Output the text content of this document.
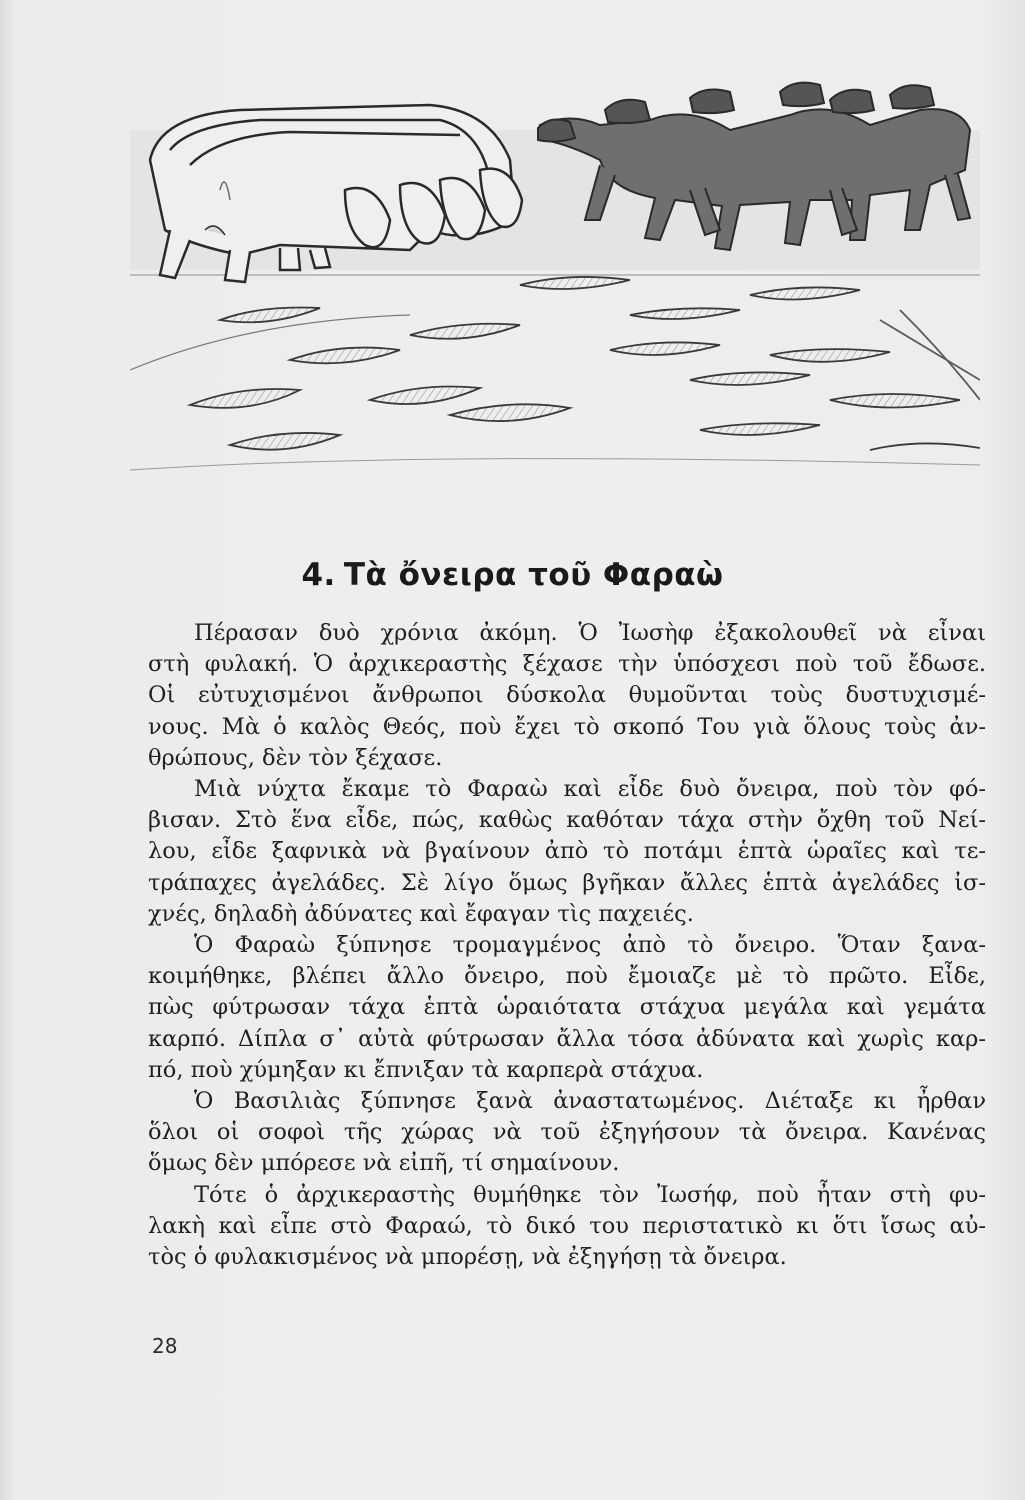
4. Τὰ ὄνειρα τοῦ Φαραὼ
Πέρασαν δυὸ χρόνια ἀκόμη. Ὁ Ἰωσὴφ ἐξακολουθεῖ νὰ εἶναι
στὴ φυλακή. Ὁ ἀρχικεραστὴς ξέχασε τὴν ὑπόσχεσι ποὺ τοῦ ἔδωσε.
Οἱ εὐτυχισμένοι ἄνθρωποι δύσκολα θυμοῦνται τοὺς δυστυχισμέ-
νους. Μὰ ὁ καλὸς Θεός, ποὺ ἔχει τὸ σκοπό Του γιὰ ὅλους τοὺς ἀν-
θρώπους, δὲν τὸν ξέχασε.
Μιὰ νύχτα ἔκαμε τὸ Φαραὼ καὶ εἶδε δυὸ ὄνειρα, ποὺ τὸν φό-
βισαν. Στὸ ἕνα εἶδε, πώς, καθὼς καθόταν τάχα στὴν ὄχθη τοῦ Νεί-
λου, εἶδε ξαφνικὰ νὰ βγαίνουν ἀπὸ τὸ ποτάμι ἑπτὰ ὡραῖες καὶ τε-
τράπαχες ἀγελάδες. Σὲ λίγο ὅμως βγῆκαν ἄλλες ἑπτὰ ἀγελάδες ἰσ-
χνές, δηλαδὴ ἀδύνατες καὶ ἔφαγαν τὶς παχειές.
Ὁ Φαραὼ ξύπνησε τρομαγμένος ἀπὸ τὸ ὄνειρο. Ὅταν ξανα-
κοιμήθηκε, βλέπει ἄλλο ὄνειρο, ποὺ ἔμοιαζε μὲ τὸ πρῶτο. Εἶδε,
πὼς φύτρωσαν τάχα ἑπτὰ ὡραιότατα στάχυα μεγάλα καὶ γεμάτα
καρπό. Δίπλα σ᾿ αὐτὰ φύτρωσαν ἄλλα τόσα ἀδύνατα καὶ χωρὶς καρ-
πό, ποὺ χύμηξαν κι ἔπνιξαν τὰ καρπερὰ στάχυα.
Ὁ Βασιλιὰς ξύπνησε ξανὰ ἀναστατωμένος. Διέταξε κι ἦρθαν
ὅλοι οἱ σοφοὶ τῆς χώρας νὰ τοῦ ἐξηγήσουν τὰ ὄνειρα. Κανένας
ὅμως δὲν μπόρεσε νὰ εἰπῆ, τί σημαίνουν.
Τότε ὁ ἀρχικεραστὴς θυμήθηκε τὸν Ἰωσήφ, ποὺ ἦταν στὴ φυ-
λακὴ καὶ εἶπε στὸ Φαραώ, τὸ δικό του περιστατικὸ κι ὅτι ἴσως αὐ-
τὸς ὁ φυλακισμένος νὰ μπορέσῃ, νὰ ἐξηγήσῃ τὰ ὄνειρα.
28
